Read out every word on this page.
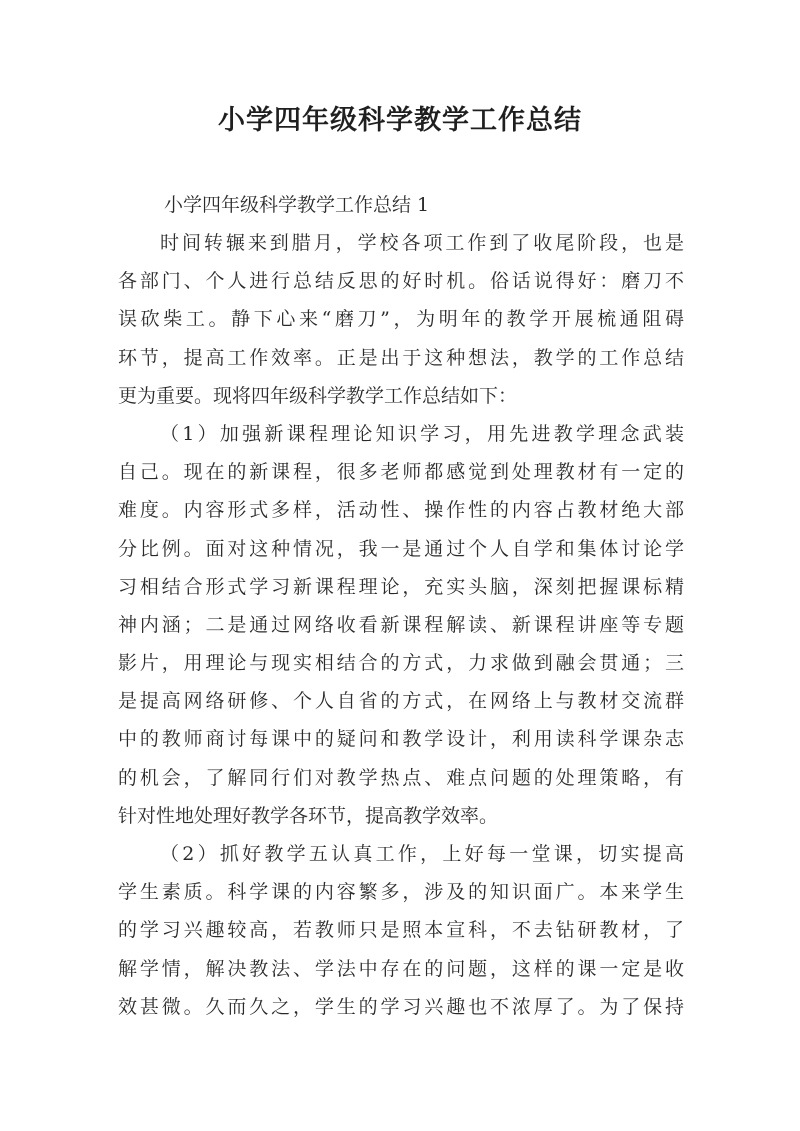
小学四年级科学教学工作总结

小学四年级科学教学工作总结 1

时间转辗来到腊月，学校各项工作到了收尾阶段，也是
各部门、个人进行总结反思的好时机。俗话说得好：磨刀不
误砍柴工。静下心来“磨刀”，为明年的教学开展梳通阻碍
环节，提高工作效率。正是出于这种想法，教学的工作总结
更为重要。现将四年级科学教学工作总结如下：

（1）加强新课程理论知识学习，用先进教学理念武装
自己。现在的新课程，很多老师都感觉到处理教材有一定的
难度。内容形式多样，活动性、操作性的内容占教材绝大部
分比例。面对这种情况，我一是通过个人自学和集体讨论学
习相结合形式学习新课程理论，充实头脑，深刻把握课标精
神内涵；二是通过网络收看新课程解读、新课程讲座等专题
影片，用理论与现实相结合的方式，力求做到融会贯通；三
是提高网络研修、个人自省的方式，在网络上与教材交流群
中的教师商讨每课中的疑问和教学设计，利用读科学课杂志
的机会，了解同行们对教学热点、难点问题的处理策略，有
针对性地处理好教学各环节，提高教学效率。

（2）抓好教学五认真工作，上好每一堂课，切实提高
学生素质。科学课的内容繁多，涉及的知识面广。本来学生
的学习兴趣较高，若教师只是照本宣科，不去钻研教材，了
解学情，解决教法、学法中存在的问题，这样的课一定是收
效甚微。久而久之，学生的学习兴趣也不浓厚了。为了保持
